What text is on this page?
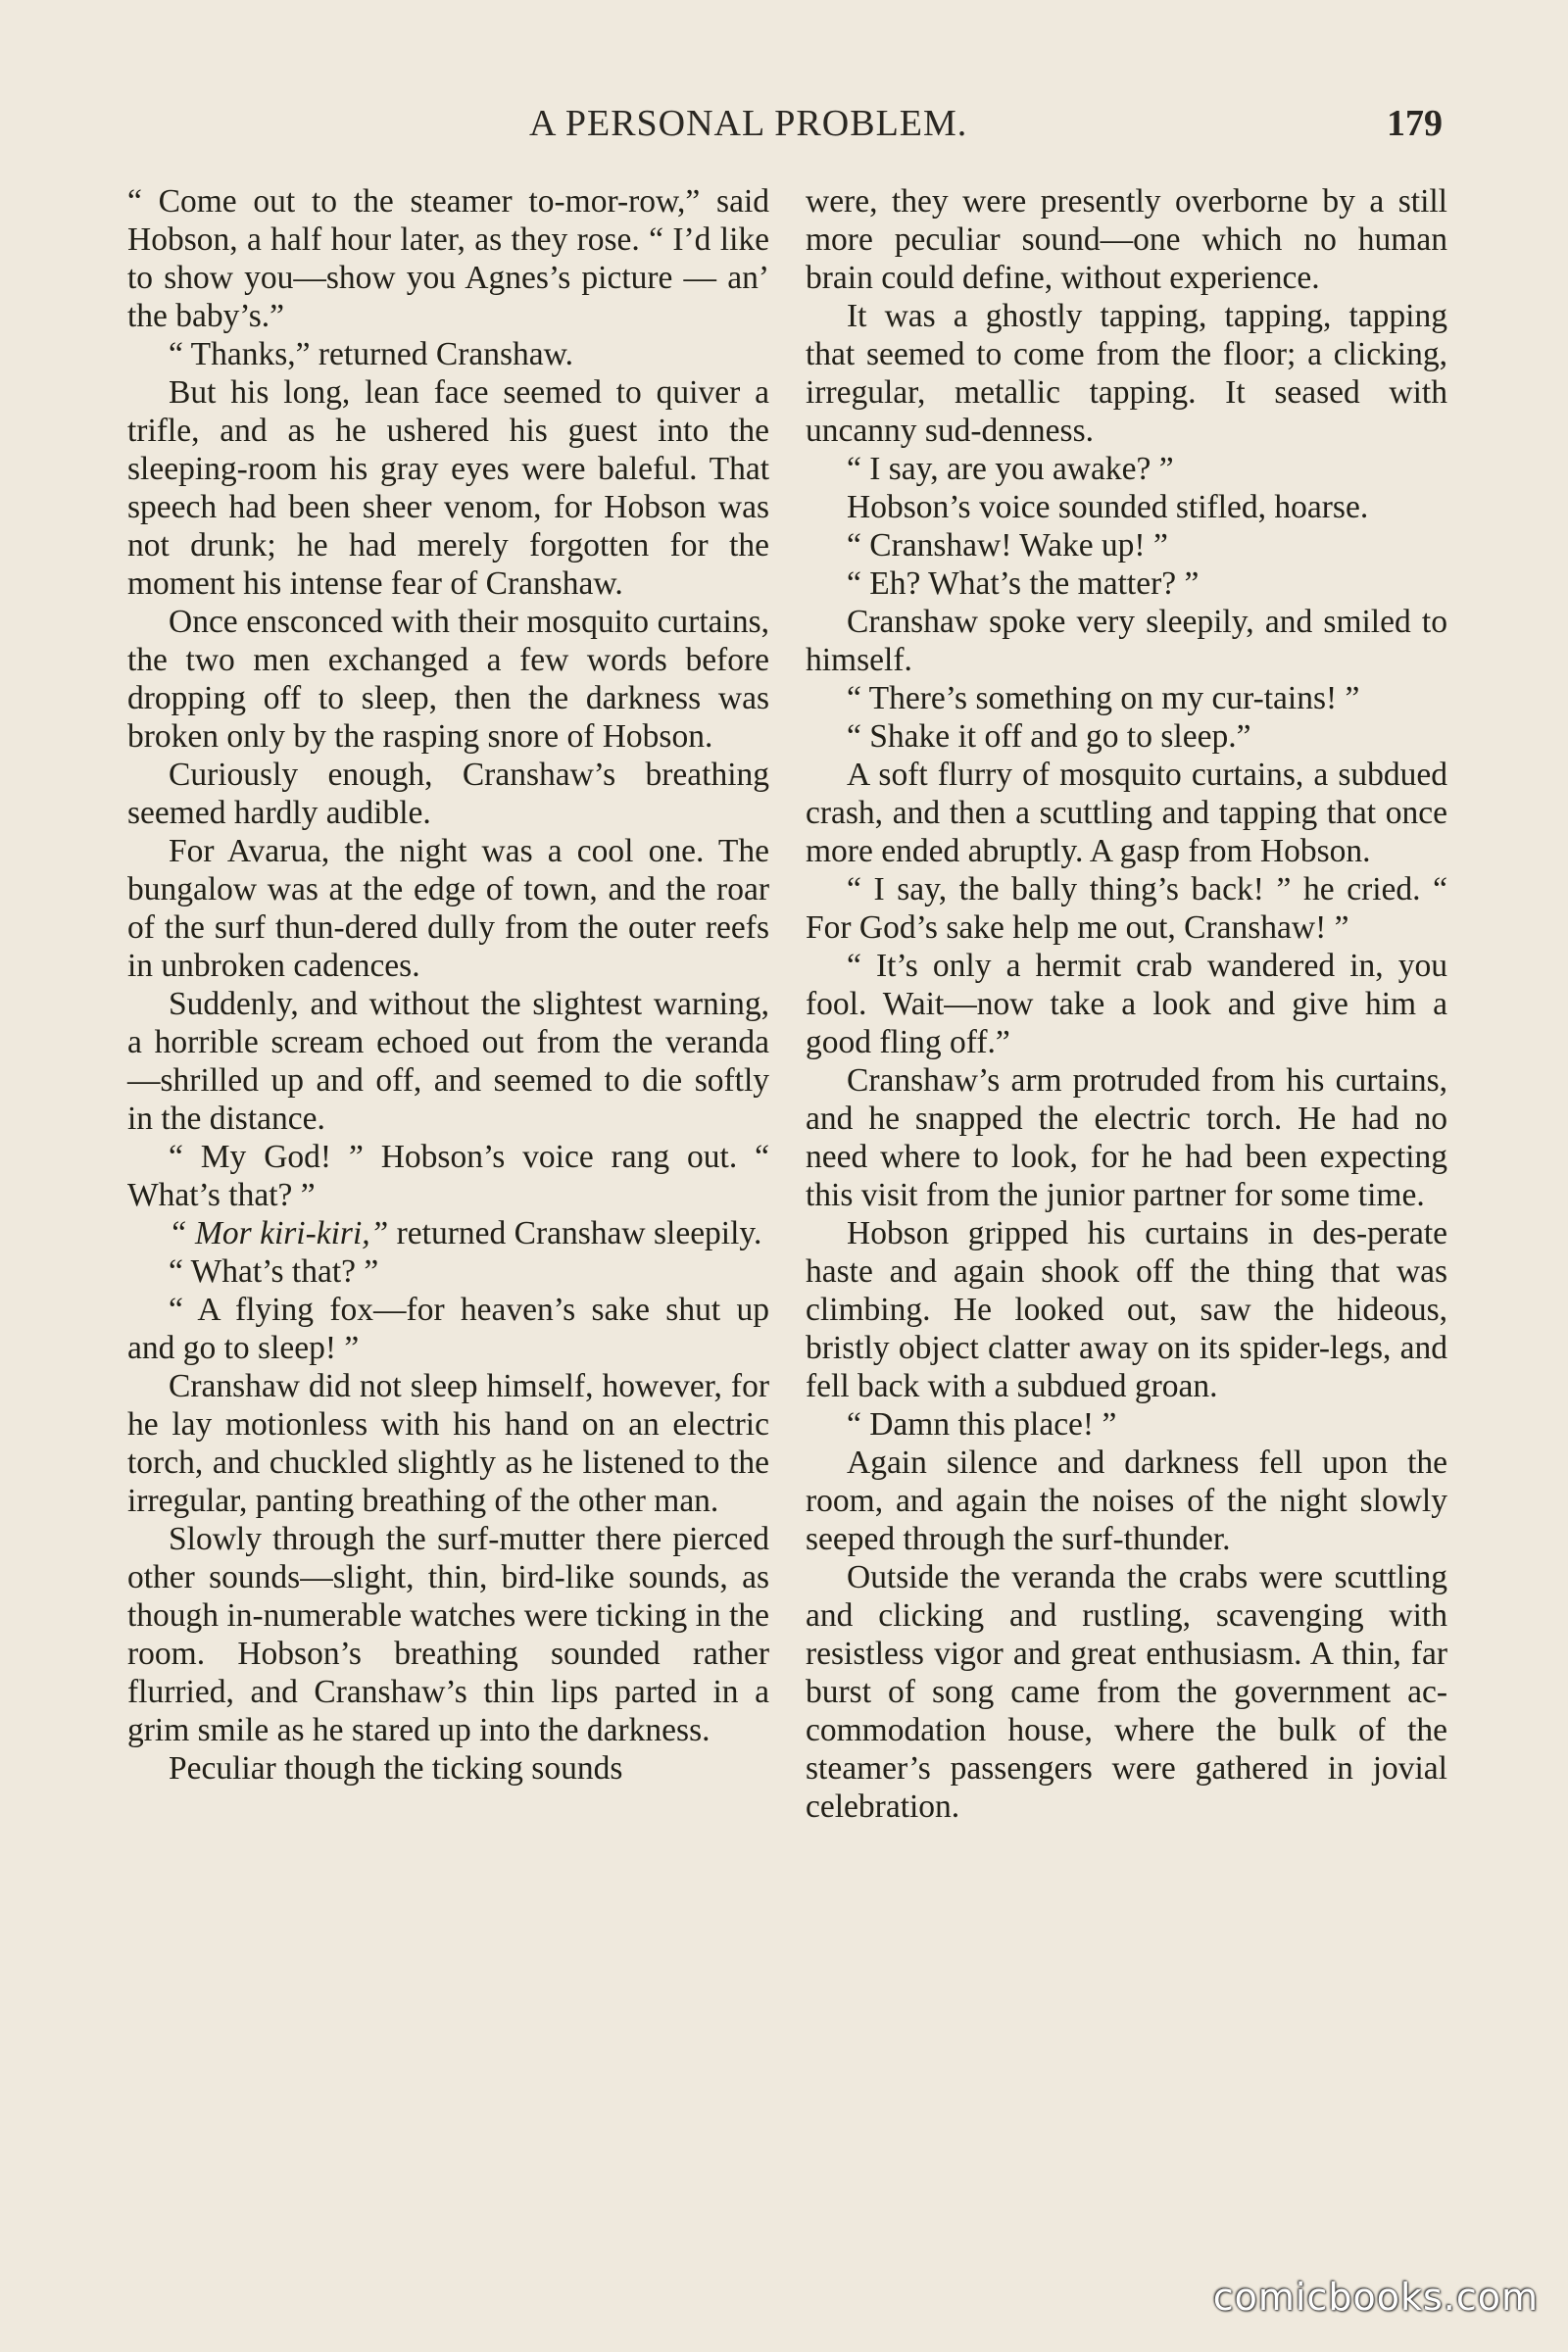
A PERSONAL PROBLEM.	179

“ Come out to the steamer to-mor-row,” said Hobson, a half hour later, as they rose. “ I’d like to show you—show you Agnes’s picture — an’ the baby’s.”

“ Thanks,” returned Cranshaw.

But his long, lean face seemed to quiver a trifle, and as he ushered his guest into the sleeping-room his gray eyes were baleful. That speech had been sheer venom, for Hobson was not drunk; he had merely forgotten for the moment his intense fear of Cranshaw.

Once ensconced with their mosquito curtains, the two men exchanged a few words before dropping off to sleep, then the darkness was broken only by the rasping snore of Hobson.

Curiously enough, Cranshaw’s breathing seemed hardly audible.

For Avarua, the night was a cool one. The bungalow was at the edge of town, and the roar of the surf thun-dered dully from the outer reefs in unbroken cadences.

Suddenly, and without the slightest warning, a horrible scream echoed out from the veranda—shrilled up and off, and seemed to die softly in the distance.

“ My God! ” Hobson’s voice rang out. “ What’s that? ”

“ Mor kiri-kiri,” returned Cranshaw sleepily.

“ What’s that? ”

“ A flying fox—for heaven’s sake shut up and go to sleep! ”

Cranshaw did not sleep himself, however, for he lay motionless with his hand on an electric torch, and chuckled slightly as he listened to the irregular, panting breathing of the other man.

Slowly through the surf-mutter there pierced other sounds—slight, thin, bird-like sounds, as though in-numerable watches were ticking in the room. Hobson’s breathing sounded rather flurried, and Cranshaw’s thin lips parted in a grim smile as he stared up into the darkness.

Peculiar though the ticking sounds

were, they were presently overborne by a still more peculiar sound—one which no human brain could define, without experience.

It was a ghostly tapping, tapping, tapping that seemed to come from the floor; a clicking, irregular, metallic tapping. It seased with uncanny sud-denness.

“ I say, are you awake? ”

Hobson’s voice sounded stifled, hoarse.

“ Cranshaw! Wake up! ”

“ Eh? What’s the matter? ”

Cranshaw spoke very sleepily, and smiled to himself.

“ There’s something on my cur-tains! ”

“ Shake it off and go to sleep.”

A soft flurry of mosquito curtains, a subdued crash, and then a scuttling and tapping that once more ended abruptly. A gasp from Hobson.

“ I say, the bally thing’s back! ” he cried. “ For God’s sake help me out, Cranshaw! ”

“ It’s only a hermit crab wandered in, you fool. Wait—now take a look and give him a good fling off.”

Cranshaw’s arm protruded from his curtains, and he snapped the electric torch. He had no need where to look, for he had been expecting this visit from the junior partner for some time.

Hobson gripped his curtains in des-perate haste and again shook off the thing that was climbing. He looked out, saw the hideous, bristly object clatter away on its spider-legs, and fell back with a subdued groan.

“ Damn this place! ”

Again silence and darkness fell upon the room, and again the noises of the night slowly seeped through the surf-thunder.

Outside the veranda the crabs were scuttling and clicking and rustling, scavenging with resistless vigor and great enthusiasm. A thin, far burst of song came from the government ac-commodation house, where the bulk of the steamer’s passengers were gathered in jovial celebration.

comicbooks.com
